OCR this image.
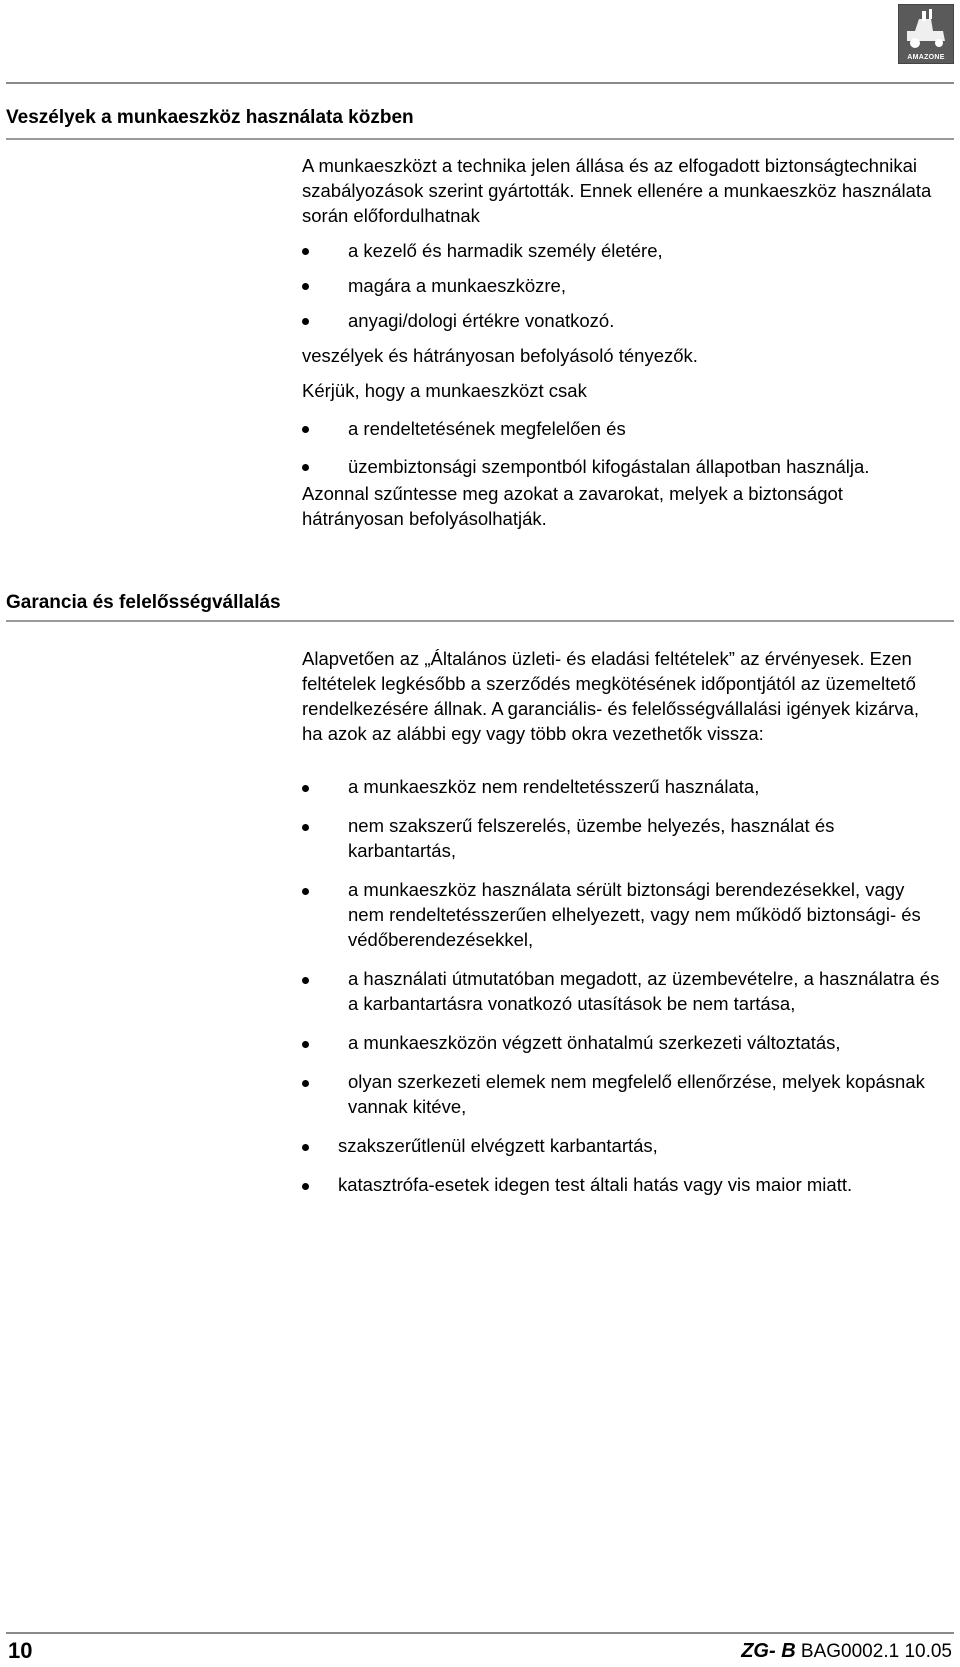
AMAZONE
Veszélyek a munkaeszköz használata közben

A munkaeszközt a technika jelen állása és az elfogadott biztonságtechnikai szabályozások szerint gyártották. Ennek ellenére a munkaeszköz használata során előfordulhatnak

a kezelő és harmadik személy életére,
magára a munkaeszközre,
anyagi/dologi értékre vonatkozó.

veszélyek és hátrányosan befolyásoló tényezők.

Kérjük, hogy a munkaeszközt csak

a rendeltetésének megfelelően és
üzembiztonsági szempontból kifogástalan állapotban használja.

Azonnal szűntesse meg azokat a zavarokat, melyek a biztonságot hátrányosan befolyásolhatják.

Garancia és felelősségvállalás

Alapvetően az „Általános üzleti- és eladási feltételek” az érvényesek. Ezen feltételek legkésőbb a szerződés megkötésének időpontjától az üzemeltető rendelkezésére állnak. A garanciális- és felelősségvállalási igények kizárva, ha azok az alábbi egy vagy több okra vezethetők vissza:

a munkaeszköz nem rendeltetésszerű használata,
nem szakszerű felszerelés, üzembe helyezés, használat és karbantartás,
a munkaeszköz használata sérült biztonsági berendezésekkel, vagy nem rendeltetésszerűen elhelyezett, vagy nem működő biztonsági- és védőberendezésekkel,
a használati útmutatóban megadott, az üzembevételre, a használatra és a karbantartásra vonatkozó utasítások be nem tartása,
a munkaeszközön végzett önhatalmú szerkezeti változtatás,
olyan szerkezeti elemek nem megfelelő ellenőrzése, melyek kopásnak vannak kitéve,
szakszerűtlenül elvégzett karbantartás,
katasztrófa-esetek idegen test általi hatás vagy vis maior miatt.
10	ZG- B BAG0002.1 10.05
